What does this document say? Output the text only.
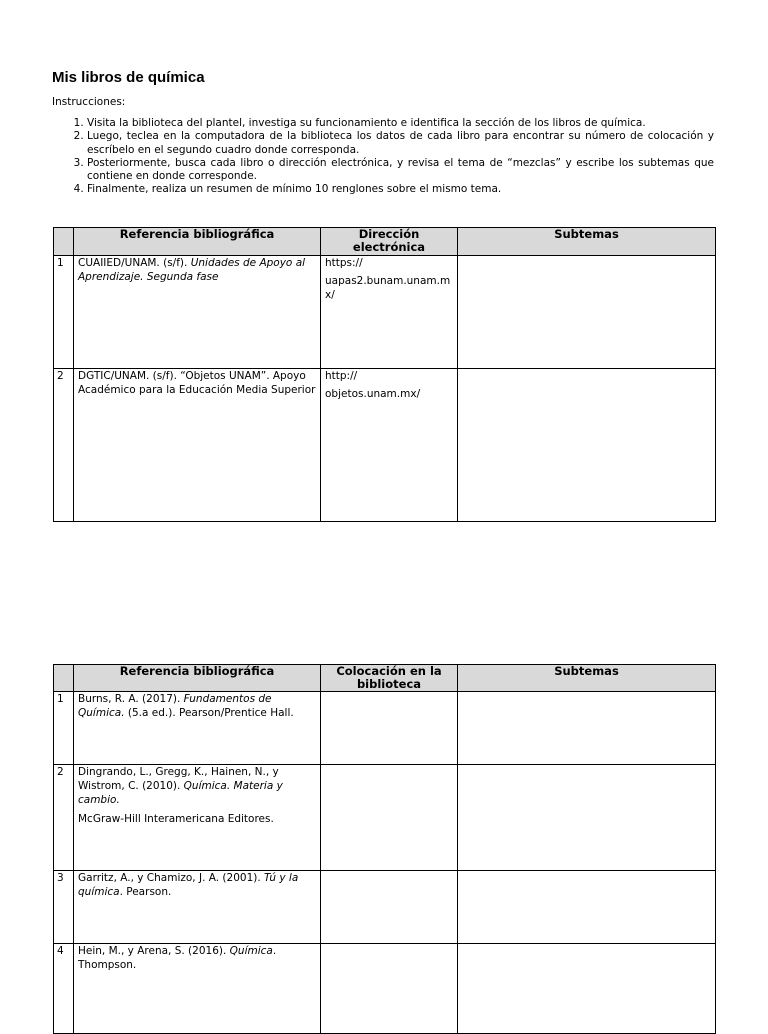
Mis libros de química

Instrucciones:

1. Visita la biblioteca del plantel, investiga su funcionamiento e identifica la sección de los libros de química.
2. Luego, teclea en la computadora de la biblioteca los datos de cada libro para encontrar su número de colocación y escríbelo en el segundo cuadro donde corresponda.
3. Posteriormente, busca cada libro o dirección electrónica, y revisa el tema de “mezclas” y escribe los subtemas que contiene en donde corresponde.
4. Finalmente, realiza un resumen de mínimo 10 renglones sobre el mismo tema.
	Referencia bibliográfica	Dirección electrónica	Subtemas
1	CUAIIED/UNAM. (s/f). Unidades de Apoyo al Aprendizaje. Segunda fase	https://
uapas2.bunam.unam.mx/	

2	DGTIC/UNAM. (s/f). “Objetos UNAM”. Apoyo Académico para la Educación Media Superior	http://
objetos.unam.mx/	

	Referencia bibliográfica	Colocación en la biblioteca	Subtemas
1	Burns, R. A. (2017). Fundamentos de Química. (5.a ed.). Pearson/Prentice Hall.		
2	Dingrando, L., Gregg, K., Hainen, N., y Wistrom, C. (2010). Química. Materia y cambio.
McGraw-Hill Interamericana Editores.		

3	Garritz, A., y Chamizo, J. A. (2001). Tú y la química. Pearson.		
4	Hein, M., y Arena, S. (2016). Química. Thompson.		
